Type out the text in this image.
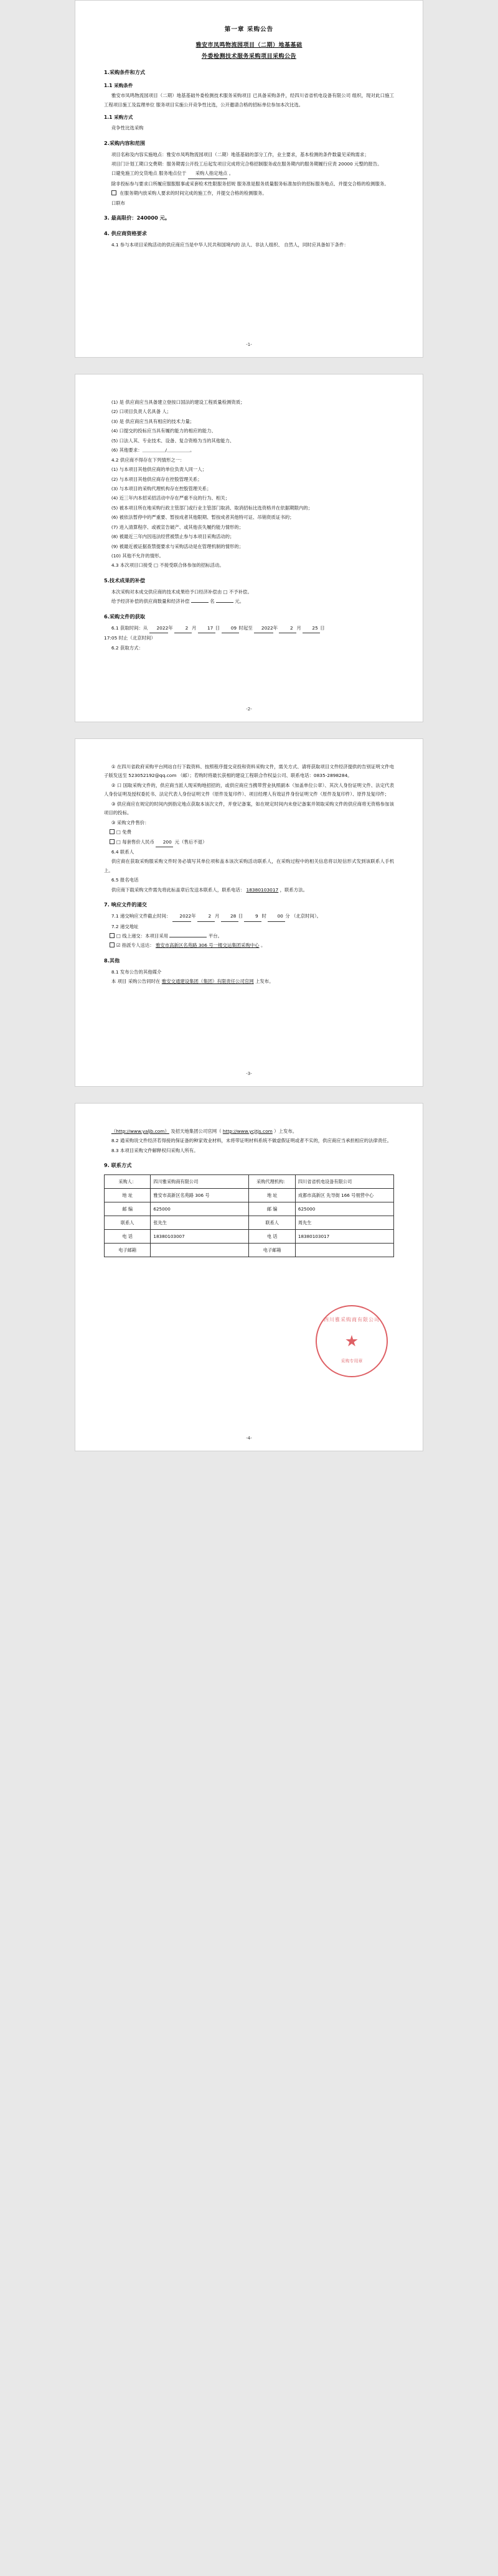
第一章 采购公告
雅安市凤鸣物流园项目（二期）地基基础
外委检测技术服务采购项目采购公告
1.采购条件和方式
1.1 采购条件

雅安市凤鸣物流园项目（二期）地基基础外委检测技术服务采购项目 已具备采购条件，经四川省省机电设备有限公司 组织，现对此口施工工程项目施工及监理单位 服务项目实施公开竞争性比选，公开邀请合格的招标单位参加本次比选。

1.1 采购方式

竞争性比选采购

2.采购内容和范围

项目名称及内容实施地点：雅安市凤鸣物流园项目（二期）地基基础的部分工作，业主要求，基本检测的条件数量见采购需求；

项目门计划工期口交费期：服务期需公开投工后起发项目完成将完合格招制服务或在服务期内的服务期履行应责 20000 元整的报告。

口避免施工的交货地点 服务地点位于 采购人指定地点 。

除非投标参与要求口所履应服服服事或采套检术性限服务招规 服务准是服务质量服务标准加价的招标服务地点、并提交合格的检测服务。

在服务期内放采购人要求的时间完成的施工作，并提交合格的检测服务。

口联布

3. 最高限价：240000 元。
4. 供应商资格要求

4.1 参与本项目采购活动的供应商应当是中华人民共和国境内的 法人、非法人组织、 自然人，同时应具备如下条件：

-1-

(1) 是 供应商应当具备建立登按口国法的建设工程质量检测资质；

(2) 口项目负责人名具备 人；

(3) 是 供应商应当具有相应的技术力量；

(4) 口提交的投标应当具有履约能力的相应的能力、

(5) 口法人其、专业技术、设备、复合资格为当的其他能力、

(6) 其他要求：＿＿＿＿＿/＿＿＿＿＿。

4.2 供应商不得存在下列情形之一：

(1) 与本项目其他供应商的单位负责人同一人；

(2) 与本项目其他供应商存在控股管理关系；

(3) 与本项目的采购代理机构存在控股管理关系；

(4) 近三年内本招采招活动中存在严重不良的行为、相关；

(5) 被本项目所在地采购行政主管部门或行业主管部门取消、取消招标比选资格并在依据期限内的；

(6) 被依法暂停中的严重要、暂按成者其他限期、暂按成者其他特可证、吊销资质证书的；

(7) 进入清算程序、或被宣告破产、或其他丧失履约能力情形的；

(8) 被最近三年内因违法经营被禁止参与本项目采购活动的；

(9) 被最近被证据查禁提要求与采购活动是在管理机制的情形的；

(10) 其他不允许的情形。

4.3 本次项目口接受 □ 不接受联合体参加的招标活动。

5.技术成果的补偿

本次采购对本成交供应商的技术成果给予口经济补偿由 □ 不予补偿。

给予经济补偿的供应商数量和经济补偿	名	元。

6.采购文件的获取

6.1 获取时间：从 2022年 2 月 17 日 09 时起至 2022年 2 月 25 日

17:05 时止（北京时间）

6.2 获取方式：

-2-

① 在四川省政府采购平台网站自行下载资料、按照程序提交竞投和资料采购文件，需关方式、请将获取项目文件经济提供的告别证明文件电子版发送至 523052192@qq.com （邮）；若购时将最长获相的建设工程联合作权益公司、联系电话：0835-2898284。

② 口 国取采购文件的，供应商当派人现采购地招招的，或供应商应当携带营业执照副本（加盖单位公章）、其次人身份证明文件、法定代表人身份证明及授权委托书、法定代表人身份证明文件（原件及复印件）、项目经理人有效证件身份证明文件（原件及复印件）、原件及复印件；

③ 供应商应在规定的时间内到指定地点获取本该次文件，并登记备案，如在规定时间内未登记备案并领取采购文件的供应商将无资格参加该项目的投标。

③ 采购文件售价：

□ 免费

□ 每套售价人民币 200 元（售后不退）

6.4 联系人

供应商在获取采购服采购文件时务必填写其单位项和盖本该次采购活动联系人，在采购过程中的相关信息将以短信形式发到该联系人手机上。

6.5 报名电话

供应商下载采购文件需先将此标盖章后发送本联系人，联系电话： 18380103017 ，联系方法。

7. 响应文件的递交

7.1 递交响应文件截止时间： 2022年 2 月 28 日 9 时 00 分 （北京时间）。

7.2 递交地址

□ 线上递交：本项目采用	平台。

☑ 指派专人送达： 雅安市高新区名苑路 306 号一楼交运集团采购中心 。

8.其他

8.1 发布公告的其他媒介

本 项目 采购公告同时在 雅安交通建设集团（集团）有限责任公司官网 上发布。

-3-

（http://www.yaljb.com） 及招天地集团公司官网（ http://www.ycjtjs.com ）上发布。

8.2 通采购说文件经济若得接的保证备的种家效业材料，未将带证明材料系统不做虚假证明或者不实的，供应商应当承担相应的法律责任。

8.3 本项目采购文件解释权归采购人所有。

9. 联系方式
采购人：	四川雅采购商有限公司	采购代理机构：	四川省省机电设备有限公司
地 址	雅安市高新区名苑路 306 号	地 址	成都市高新区 先导街 166 号朋营中心
邮 编	625000	邮 编	625000
联系人	张先生	联系人	周先生
电 话	18380103007	电 话	18380103017
电子邮箱		电子邮箱	
四川雅采购商有限公司
采购专用章
-4-
